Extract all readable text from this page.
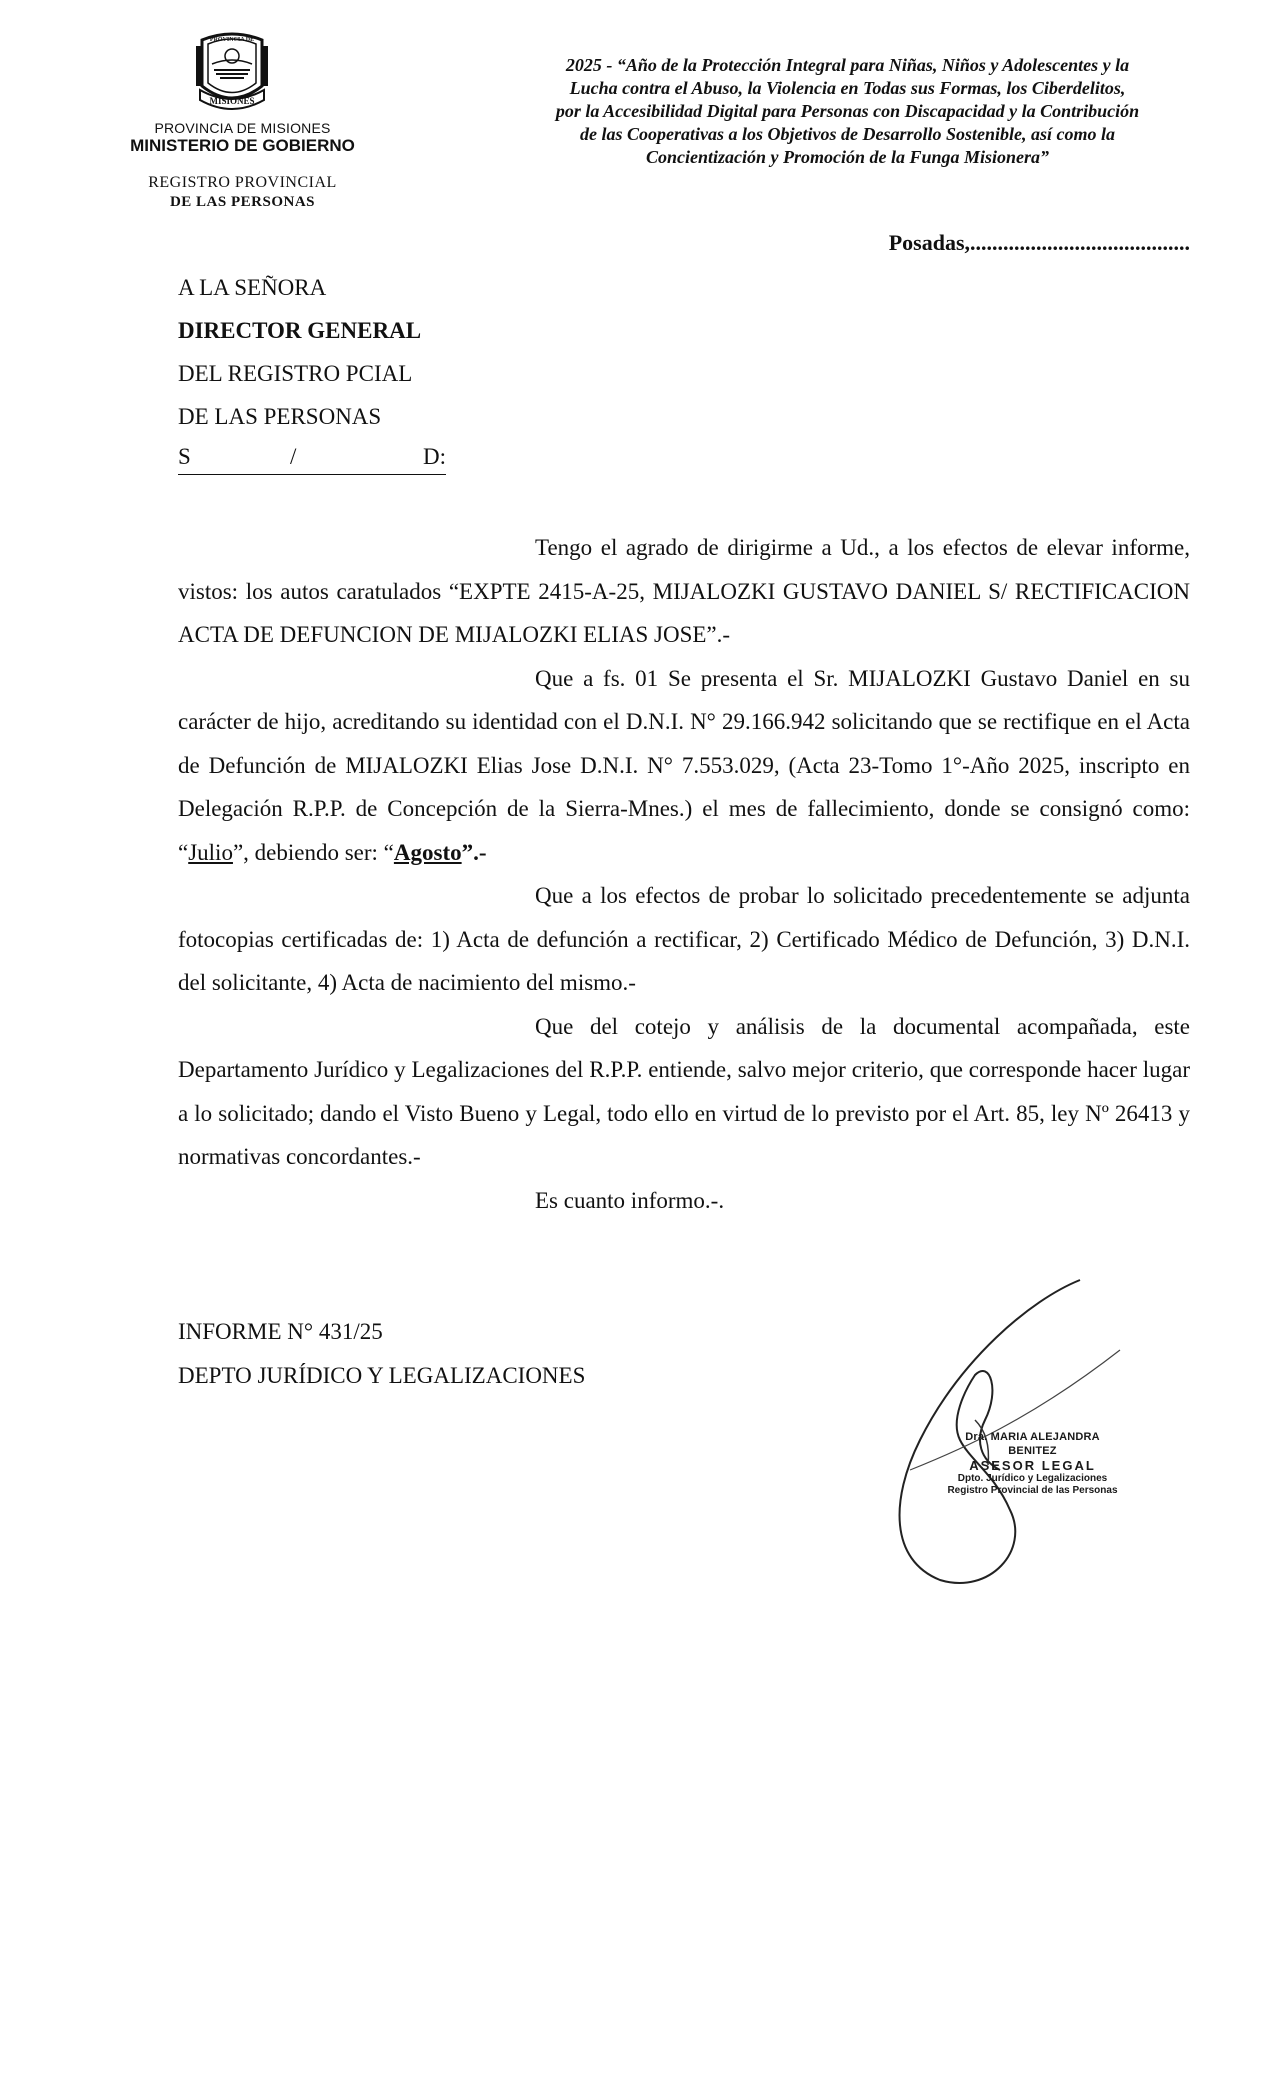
PROVINCIA DE
MISIONES
PROVINCIA DE MISIONES
MINISTERIO DE GOBIERNO
REGISTRO PROVINCIAL
DE LAS PERSONAS
2025 - “Año de la Protección Integral para Niñas, Niños y Adolescentes y la
Lucha contra el Abuso, la Violencia en Todas sus Formas, los Ciberdelitos,
por la Accesibilidad Digital para Personas con Discapacidad y la Contribución
de las Cooperativas a los Objetivos de Desarrollo Sostenible, así como la
Concientización y Promoción de la Funga Misionera”
Posadas,........................................
A LA SEÑORA
DIRECTOR GENERAL
DEL REGISTRO PCIAL
DE LAS PERSONAS
S	/	D:

Tengo el agrado de dirigirme a Ud., a los efectos de elevar informe, vistos: los autos caratulados “EXPTE 2415-A-25, MIJALOZKI GUSTAVO DANIEL S/ RECTIFICACION ACTA DE DEFUNCION DE MIJALOZKI ELIAS JOSE”.-

Que a fs. 01 Se presenta el Sr. MIJALOZKI Gustavo Daniel en su carácter de hijo, acreditando su identidad con el D.N.I. N° 29.166.942 solicitando que se rectifique en el Acta de Defunción de MIJALOZKI Elias Jose D.N.I. N° 7.553.029, (Acta 23-Tomo 1°-Año 2025, inscripto en Delegación R.P.P. de Concepción de la Sierra-Mnes.) el mes de fallecimiento, donde se consignó como: “Julio”, debiendo ser: “Agosto”.-

Que a los efectos de probar lo solicitado precedentemente se adjunta fotocopias certificadas de: 1) Acta de defunción a rectificar, 2) Certificado Médico de Defunción, 3) D.N.I. del solicitante, 4) Acta de nacimiento del mismo.-

Que del cotejo y análisis de la documental acompañada, este Departamento Jurídico y Legalizaciones del R.P.P. entiende, salvo mejor criterio, que corresponde hacer lugar a lo solicitado; dando el Visto Bueno y Legal, todo ello en virtud de lo previsto por el Art. 85, ley Nº 26413 y normativas concordantes.-

Es cuanto informo.-.

INFORME N° 431/25
DEPTO JURÍDICO Y LEGALIZACIONES
Dra. MARIA ALEJANDRA BENITEZ
ASESOR LEGAL
Dpto. Jurídico y Legalizaciones
Registro Provincial de las Personas
